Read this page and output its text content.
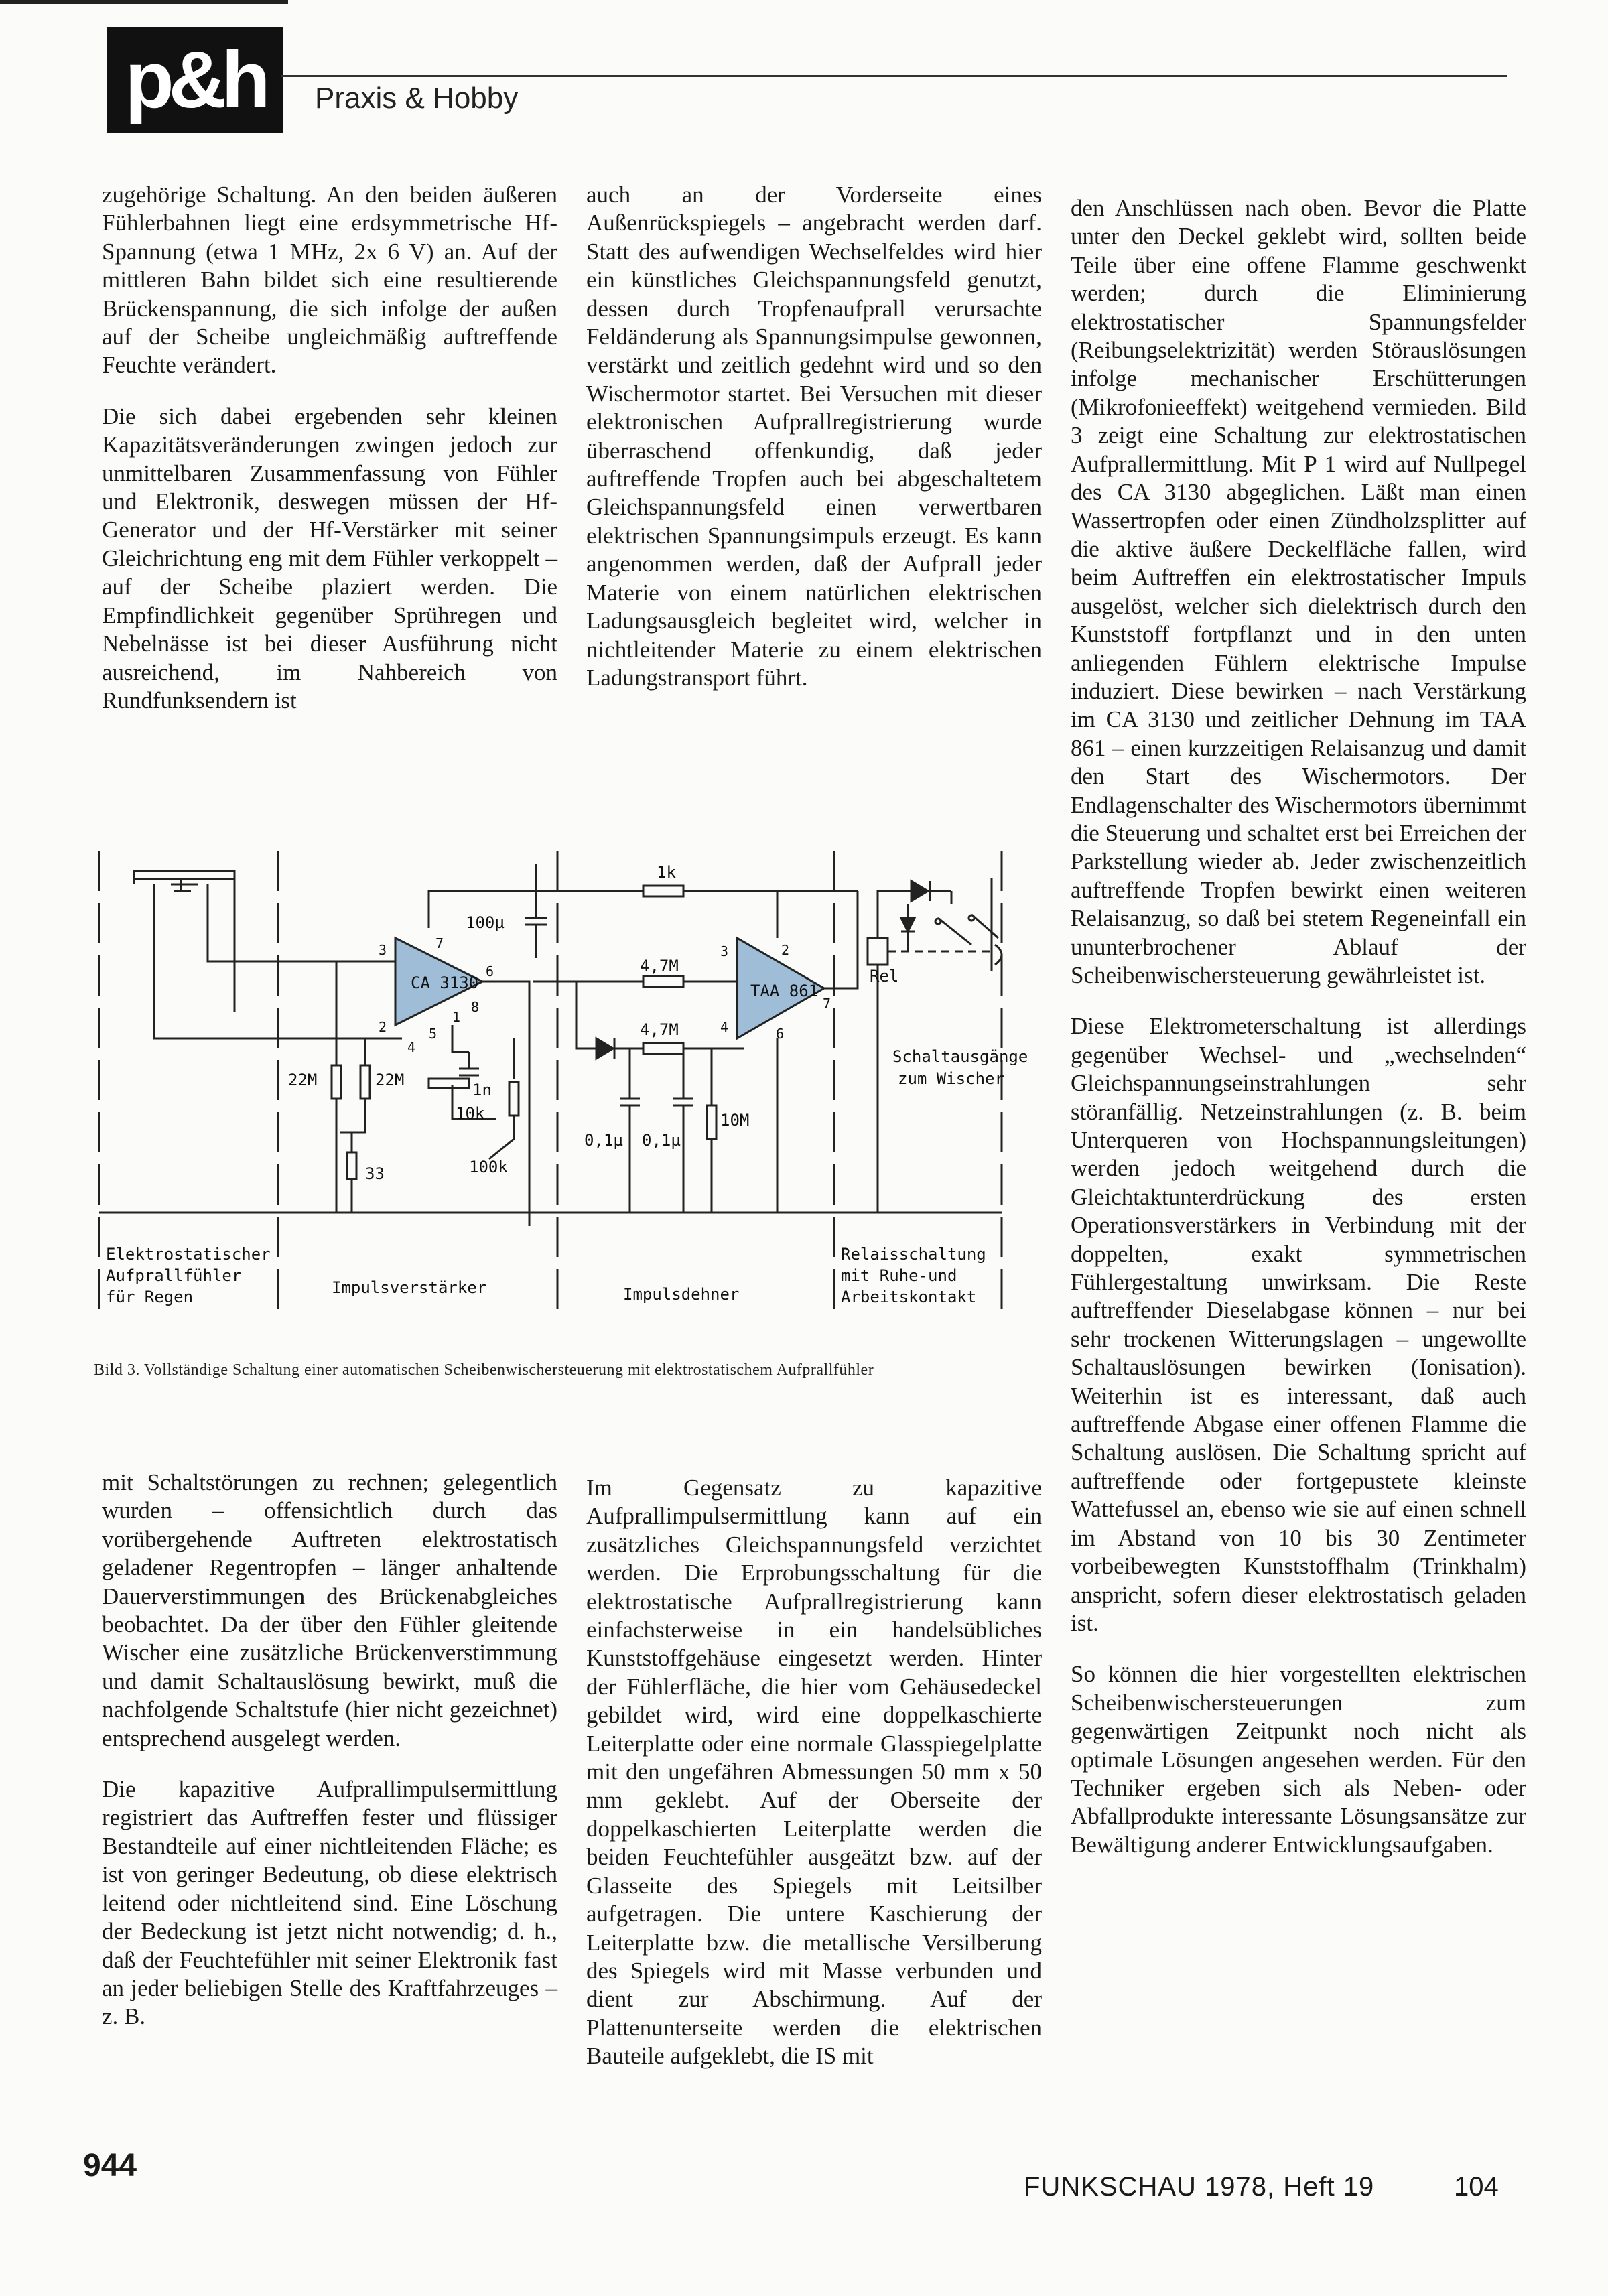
p&h Praxis & Hobby

zugehörige Schaltung. An den beiden äußeren Fühlerbahnen liegt eine erdsymmetrische Hf-Spannung (etwa 1 MHz, 2x 6 V) an. Auf der mittleren Bahn bildet sich eine resultierende Brückenspannung, die sich infolge der außen auf der Scheibe ungleichmäßig auftreffende Feuchte verändert.

Die sich dabei ergebenden sehr kleinen Kapazitätsveränderungen zwingen jedoch zur unmittelbaren Zusammenfassung von Fühler und Elektronik, deswegen müssen der Hf-Generator und der Hf-Verstärker mit seiner Gleichrichtung eng mit dem Fühler verkoppelt – auf der Scheibe plaziert werden. Die Empfindlichkeit gegenüber Sprühregen und Nebelnässe ist bei dieser Ausführung nicht ausreichend, im Nahbereich von Rundfunksendern ist

auch an der Vorderseite eines Außenrückspiegels – angebracht werden darf. Statt des aufwendigen Wechselfeldes wird hier ein künstliches Gleichspannungsfeld genutzt, dessen durch Tropfenaufprall verursachte Feldänderung als Spannungsimpulse gewonnen, verstärkt und zeitlich gedehnt wird und so den Wischermotor startet. Bei Versuchen mit dieser elektronischen Aufprallregistrierung wurde überraschend offenkundig, daß jeder auftreffende Tropfen auch bei abgeschaltetem Gleichspannungsfeld einen verwertbaren elektrischen Spannungsimpuls erzeugt. Es kann angenommen werden, daß der Aufprall jeder Materie von einem natürlichen elektrischen Ladungsausgleich begleitet wird, welcher in nichtleitender Materie zu einem elektrischen Ladungstransport führt.

den Anschlüssen nach oben. Bevor die Platte unter den Deckel geklebt wird, sollten beide Teile über eine offene Flamme geschwenkt werden; durch die Eliminierung elektrostatischer Spannungsfelder (Reibungselektrizität) werden Störauslösungen infolge mechanischer Erschütterungen (Mikrofonieeffekt) weitgehend vermieden. Bild 3 zeigt eine Schaltung zur elektrostatischen Aufprallermittlung. Mit P 1 wird auf Nullpegel des CA 3130 abgeglichen. Läßt man einen Wassertropfen oder einen Zündholzsplitter auf die aktive äußere Deckelfläche fallen, wird beim Auftreffen ein elektrostatischer Impuls ausgelöst, welcher sich dielektrisch durch den Kunststoff fortpflanzt und in den unten anliegenden Fühlern elektrische Impulse induziert. Diese bewirken – nach Verstärkung im CA 3130 und zeitlicher Dehnung im TAA 861 – einen kurzzeitigen Relaisanzug und damit den Start des Wischermotors. Der Endlagenschalter des Wischermotors übernimmt die Steuerung und schaltet erst bei Erreichen der Parkstellung wieder ab. Jeder zwischenzeitlich auftreffende Tropfen bewirkt einen weiteren Relaisanzug, so daß bei stetem Regeneinfall ein ununterbrochener Ablauf der Scheibenwischersteuerung gewährleistet ist.

Diese Elektrometerschaltung ist allerdings gegenüber Wechsel- und „wechselnden“ Gleichspannungseinstrahlungen sehr störanfällig. Netzeinstrahlungen (z. B. beim Unterqueren von Hochspannungsleitungen) werden jedoch weitgehend durch die Gleichtaktunterdrückung des ersten Operationsverstärkers in Verbindung mit der doppelten, exakt symmetrischen Fühlergestaltung unwirksam. Die Reste auftreffender Dieselabgase können – nur bei sehr trockenen Witterungslagen – ungewollte Schaltauslösungen bewirken (Ionisation). Weiterhin ist es interessant, daß auch auftreffende Abgase einer offenen Flamme die Schaltung auslösen. Die Schaltung spricht auf auftreffende oder fortgepustete kleinste Wattefussel an, ebenso wie sie auf einen schnell im Abstand von 10 bis 30 Zentimeter vorbeibewegten Kunststoffhalm (Trinkhalm) anspricht, sofern dieser elektrostatisch geladen ist.

So können die hier vorgestellten elektrischen Scheibenwischersteuerungen zum gegenwärtigen Zeitpunkt noch nicht als optimale Lösungen angesehen werden. Für den Techniker ergeben sich als Neben- oder Abfallprodukte interessante Lösungsansätze zur Bewältigung anderer Entwicklungsaufgaben.

CA 3130	TAA 861
100µ
1k
4,7M
4,7M
22M	22M
1n
10k
100k
33
0,1µ 0,1µ
10M
Rel
Schaltausgänge
zum Wischer
3	7
6
2	5
1
8
4
3	2
4
7
6
Elektrostatischer
Aufprallfühler
für Regen	Impulsverstärker	Impulsdehner
Relaisschaltung
mit Ruhe-und
Arbeitskontakt
Bild 3. Vollständige Schaltung einer automatischen Scheibenwischersteuerung mit elektrostatischem Aufprallfühler

mit Schaltstörungen zu rechnen; gelegentlich wurden – offensichtlich durch das vorübergehende Auftreten elektrostatisch geladener Regentropfen – länger anhaltende Dauerverstimmungen des Brückenabgleiches beobachtet. Da der über den Fühler gleitende Wischer eine zusätzliche Brückenverstimmung und damit Schaltauslösung bewirkt, muß die nachfolgende Schaltstufe (hier nicht gezeichnet) entsprechend ausgelegt werden.

Die kapazitive Aufprallimpulsermittlung registriert das Auftreffen fester und flüssiger Bestandteile auf einer nichtleitenden Fläche; es ist von geringer Bedeutung, ob diese elektrisch leitend oder nichtleitend sind. Eine Löschung der Bedeckung ist jetzt nicht notwendig; d. h., daß der Feuchtefühler mit seiner Elektronik fast an jeder beliebigen Stelle des Kraftfahrzeuges – z. B.

Im Gegensatz zu kapazitive Aufprallimpulsermittlung kann auf ein zusätzliches Gleichspannungsfeld verzichtet werden. Die Erprobungsschaltung für die elektrostatische Aufprallregistrierung kann einfachsterweise in ein handelsübliches Kunststoffgehäuse eingesetzt werden. Hinter der Fühlerfläche, die hier vom Gehäusedeckel gebildet wird, wird eine doppelkaschierte Leiterplatte oder eine normale Glasspiegelplatte mit den ungefähren Abmessungen 50 mm x 50 mm geklebt. Auf der Oberseite der doppelkaschierten Leiterplatte werden die beiden Feuchtefühler ausgeätzt bzw. auf der Glasseite des Spiegels mit Leitsilber aufgetragen. Die untere Kaschierung der Leiterplatte bzw. die metallische Versilberung des Spiegels wird mit Masse verbunden und dient zur Abschirmung. Auf der Plattenunterseite werden die elektrischen Bauteile aufgeklebt, die IS mit

944
FUNKSCHAU 1978, Heft 19	104
